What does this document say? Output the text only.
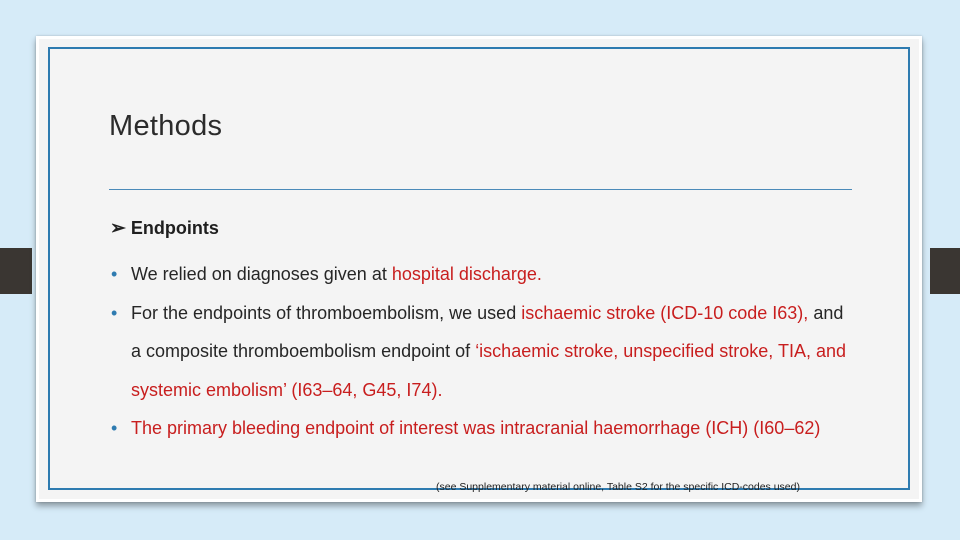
Methods
➢ Endpoints
• We relied on diagnoses given at hospital discharge.
• For the endpoints of thromboembolism, we used ischaemic stroke (ICD-10 code I63), and a composite thromboembolism endpoint of ‘ischaemic stroke, unspecified stroke, TIA, and systemic embolism’ (I63–64, G45, I74).
• The primary bleeding endpoint of interest was intracranial haemorrhage (ICH) (I60–62)
(see Supplementary material online, Table S2 for the specific ICD-codes used)
